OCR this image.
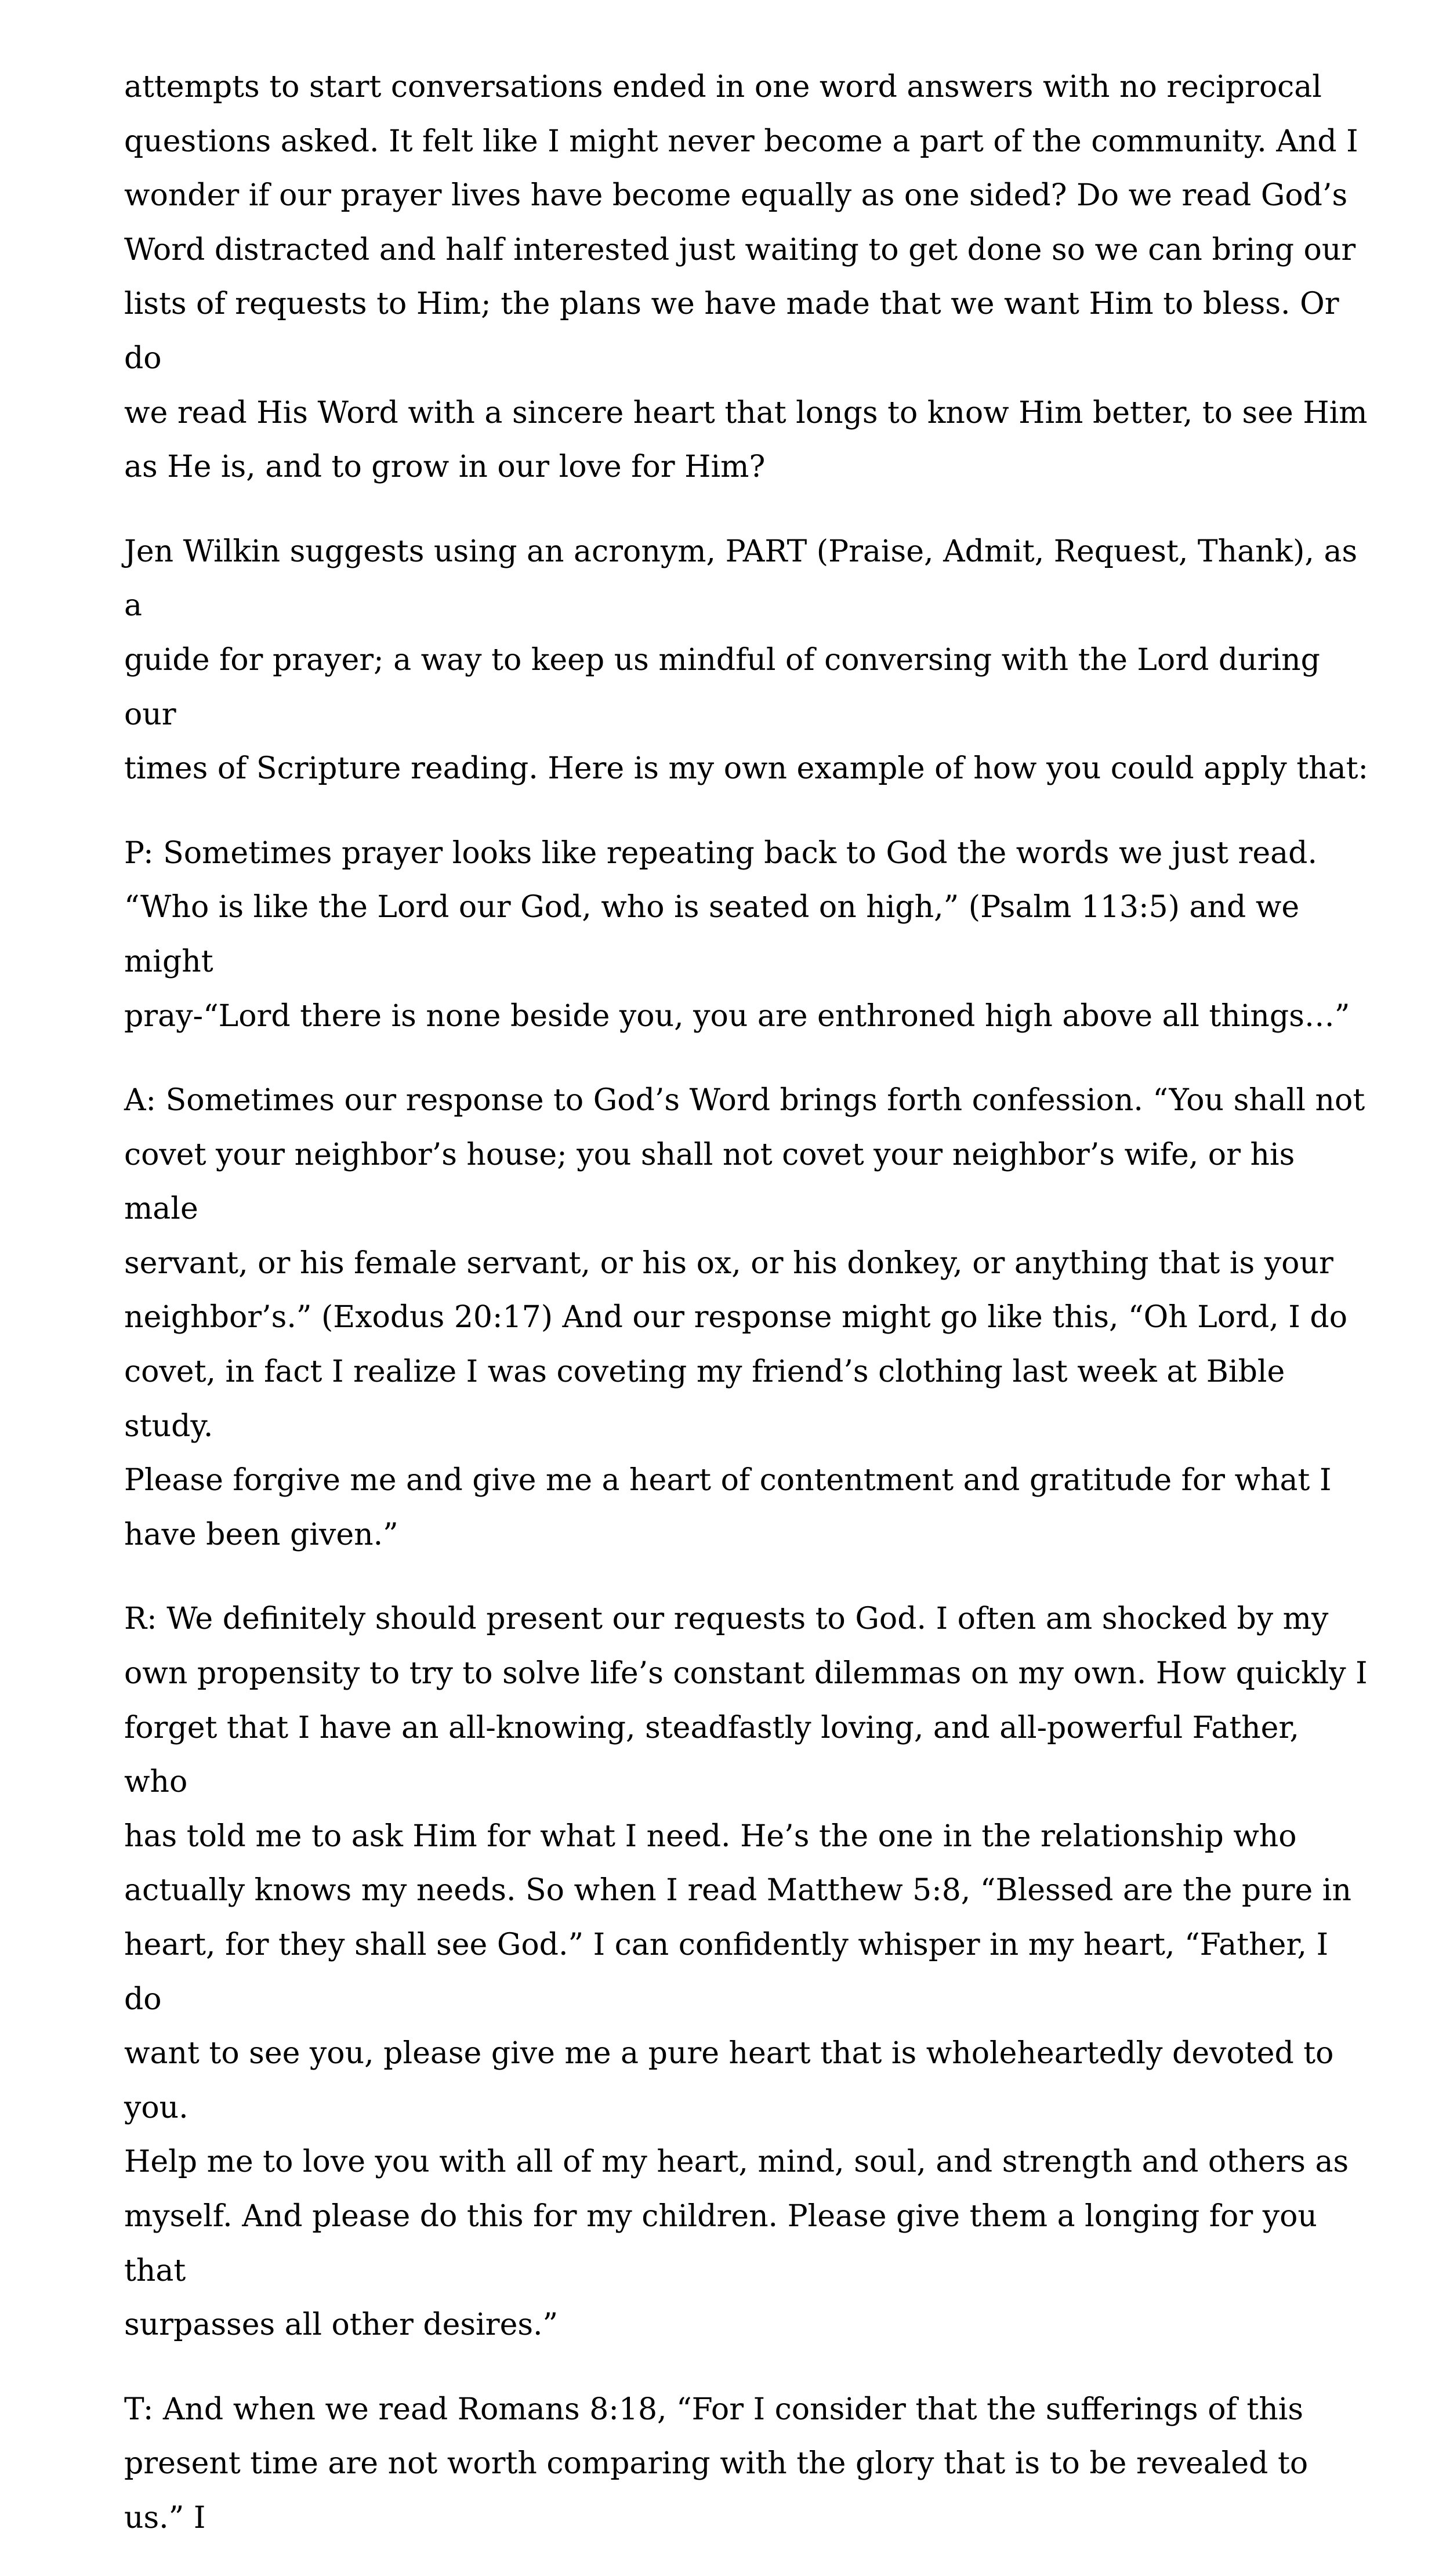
attempts to start conversations ended in one word answers with no reciprocal
questions asked. It felt like I might never become a part of the community. And I
wonder if our prayer lives have become equally as one sided? Do we read God’s
Word distracted and half interested just waiting to get done so we can bring our
lists of requests to Him; the plans we have made that we want Him to bless. Or do
we read His Word with a sincere heart that longs to know Him better, to see Him
as He is, and to grow in our love for Him?

Jen Wilkin suggests using an acronym, PART (Praise, Admit, Request, Thank), as a
guide for prayer; a way to keep us mindful of conversing with the Lord during our
times of Scripture reading. Here is my own example of how you could apply that:

P: Sometimes prayer looks like repeating back to God the words we just read.
“Who is like the Lord our God, who is seated on high,” (Psalm 113:5) and we might
pray-“Lord there is none beside you, you are enthroned high above all things…”

A: Sometimes our response to God’s Word brings forth confession. “You shall not
covet your neighbor’s house; you shall not covet your neighbor’s wife, or his male
servant, or his female servant, or his ox, or his donkey, or anything that is your
neighbor’s.” (Exodus 20:17) And our response might go like this, “Oh Lord, I do
covet, in fact I realize I was coveting my friend’s clothing last week at Bible study.
Please forgive me and give me a heart of contentment and gratitude for what I
have been given.”

R: We definitely should present our requests to God. I often am shocked by my
own propensity to try to solve life’s constant dilemmas on my own. How quickly I
forget that I have an all-knowing, steadfastly loving, and all-powerful Father, who
has told me to ask Him for what I need. He’s the one in the relationship who
actually knows my needs. So when I read Matthew 5:8, “Blessed are the pure in
heart, for they shall see God.” I can confidently whisper in my heart, “Father, I do
want to see you, please give me a pure heart that is wholeheartedly devoted to you.
Help me to love you with all of my heart, mind, soul, and strength and others as
myself. And please do this for my children. Please give them a longing for you that
surpasses all other desires.”

T: And when we read Romans 8:18, “For I consider that the sufferings of this
present time are not worth comparing with the glory that is to be revealed to us.” I
